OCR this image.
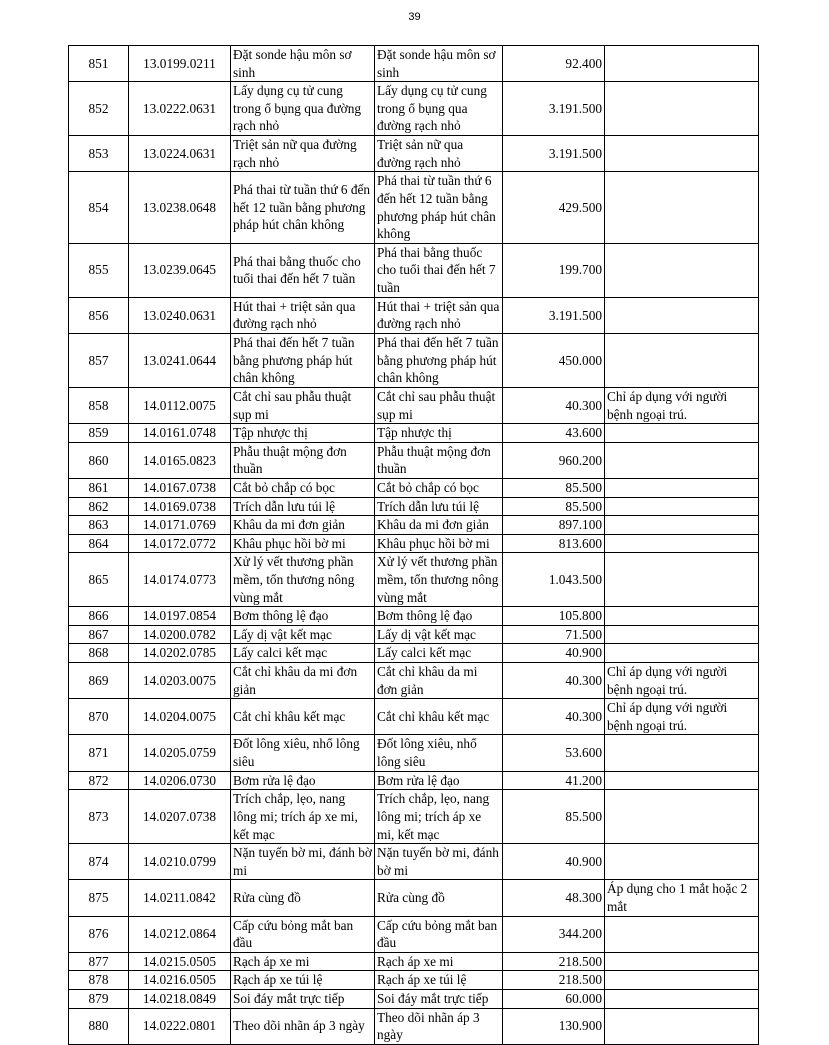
39
851	13.0199.0211	Đặt sonde hậu môn sơ sinh	Đặt sonde hậu môn sơ sinh	92.400	
852	13.0222.0631	Lấy dụng cụ tử cung trong ổ bụng qua đường rạch nhỏ	Lấy dụng cụ tử cung trong ổ bụng qua đường rạch nhỏ	3.191.500	
853	13.0224.0631	Triệt sản nữ qua đường rạch nhỏ	Triệt sản nữ qua đường rạch nhỏ	3.191.500	
854	13.0238.0648	Phá thai từ tuần thứ 6 đến hết 12 tuần bằng phương pháp hút chân không	Phá thai từ tuần thứ 6 đến hết 12 tuần bằng phương pháp hút chân không	429.500	
855	13.0239.0645	Phá thai bằng thuốc cho tuổi thai đến hết 7 tuần	Phá thai bằng thuốc cho tuổi thai đến hết 7 tuần	199.700	
856	13.0240.0631	Hút thai + triệt sản qua đường rạch nhỏ	Hút thai + triệt sản qua đường rạch nhỏ	3.191.500	
857	13.0241.0644	Phá thai đến hết 7 tuần bằng phương pháp hút chân không	Phá thai đến hết 7 tuần bằng phương pháp hút chân không	450.000	
858	14.0112.0075	Cắt chỉ sau phẫu thuật sụp mi	Cắt chỉ sau phẫu thuật sụp mi	40.300	Chỉ áp dụng với người bệnh ngoại trú.
859	14.0161.0748	Tập nhược thị	Tập nhược thị	43.600	
860	14.0165.0823	Phẫu thuật mộng đơn thuần	Phẫu thuật mộng đơn thuần	960.200	
861	14.0167.0738	Cắt bỏ chắp có bọc	Cắt bỏ chắp có bọc	85.500	
862	14.0169.0738	Trích dẫn lưu túi lệ	Trích dẫn lưu túi lệ	85.500	
863	14.0171.0769	Khâu da mi đơn giản	Khâu da mi đơn giản	897.100	
864	14.0172.0772	Khâu phục hồi bờ mi	Khâu phục hồi bờ mi	813.600	
865	14.0174.0773	Xử lý vết thương phần mềm, tổn thương nông vùng mắt	Xử lý vết thương phần mềm, tổn thương nông vùng mắt	1.043.500	
866	14.0197.0854	Bơm thông lệ đạo	Bơm thông lệ đạo	105.800	
867	14.0200.0782	Lấy dị vật kết mạc	Lấy dị vật kết mạc	71.500	
868	14.0202.0785	Lấy calci kết mạc	Lấy calci kết mạc	40.900	
869	14.0203.0075	Cắt chỉ khâu da mi đơn giản	Cắt chỉ khâu da mi đơn giản	40.300	Chỉ áp dụng với người bệnh ngoại trú.
870	14.0204.0075	Cắt chỉ khâu kết mạc	Cắt chỉ khâu kết mạc	40.300	Chỉ áp dụng với người bệnh ngoại trú.
871	14.0205.0759	Đốt lông xiêu, nhổ lông siêu	Đốt lông xiêu, nhổ lông siêu	53.600	
872	14.0206.0730	Bơm rửa lệ đạo	Bơm rửa lệ đạo	41.200	
873	14.0207.0738	Trích chắp, lẹo, nang lông mi; trích áp xe mi, kết mạc	Trích chắp, lẹo, nang lông mi; trích áp xe mi, kết mạc	85.500	
874	14.0210.0799	Nặn tuyến bờ mi, đánh bờ mi	Nặn tuyến bờ mi, đánh bờ mi	40.900	
875	14.0211.0842	Rửa cùng đồ	Rửa cùng đồ	48.300	Áp dụng cho 1 mắt hoặc 2 mắt
876	14.0212.0864	Cấp cứu bỏng mắt ban đầu	Cấp cứu bỏng mắt ban đầu	344.200	
877	14.0215.0505	Rạch áp xe mi	Rạch áp xe mi	218.500	
878	14.0216.0505	Rạch áp xe túi lệ	Rạch áp xe túi lệ	218.500	
879	14.0218.0849	Soi đáy mắt trực tiếp	Soi đáy mắt trực tiếp	60.000	
880	14.0222.0801	Theo dõi nhãn áp 3 ngày	Theo dõi nhãn áp 3 ngày	130.900	
